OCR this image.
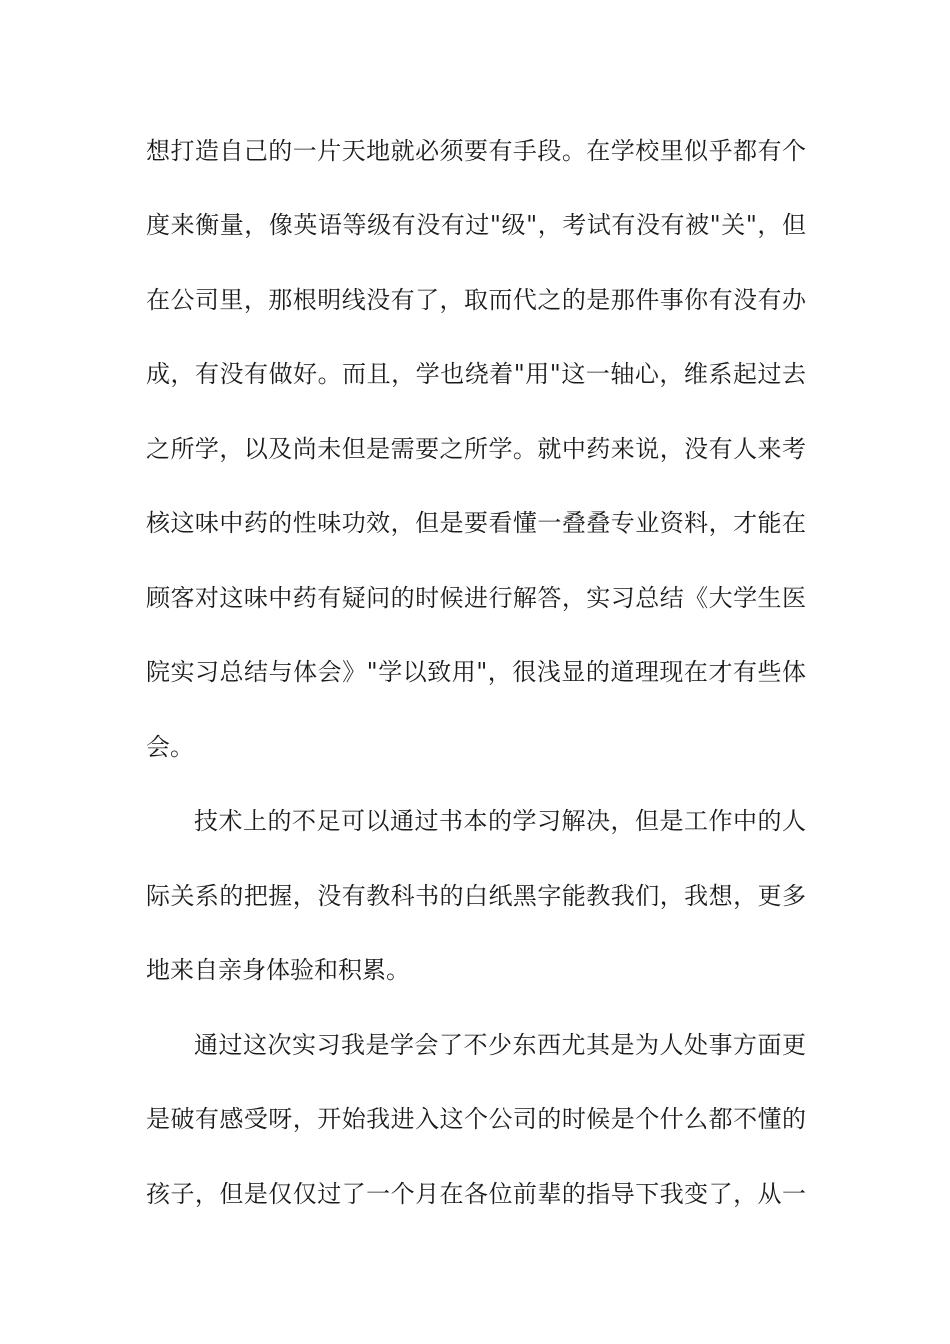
想打造自己的一片天地就必须要有手段。在学校里似乎都有个
度来衡量，像英语等级有没有过"级"，考试有没有被"关"，但
在公司里，那根明线没有了，取而代之的是那件事你有没有办
成，有没有做好。而且，学也绕着"用"这一轴心，维系起过去
之所学，以及尚未但是需要之所学。就中药来说，没有人来考
核这味中药的性味功效，但是要看懂一叠叠专业资料，才能在
顾客对这味中药有疑问的时候进行解答，实习总结《大学生医
院实习总结与体会》"学以致用"，很浅显的道理现在才有些体
会。
技术上的不足可以通过书本的学习解决，但是工作中的人
际关系的把握，没有教科书的白纸黑字能教我们，我想，更多
地来自亲身体验和积累。
通过这次实习我是学会了不少东西尤其是为人处事方面更
是破有感受呀，开始我进入这个公司的时候是个什么都不懂的
孩子，但是仅仅过了一个月在各位前辈的指导下我变了，从一
